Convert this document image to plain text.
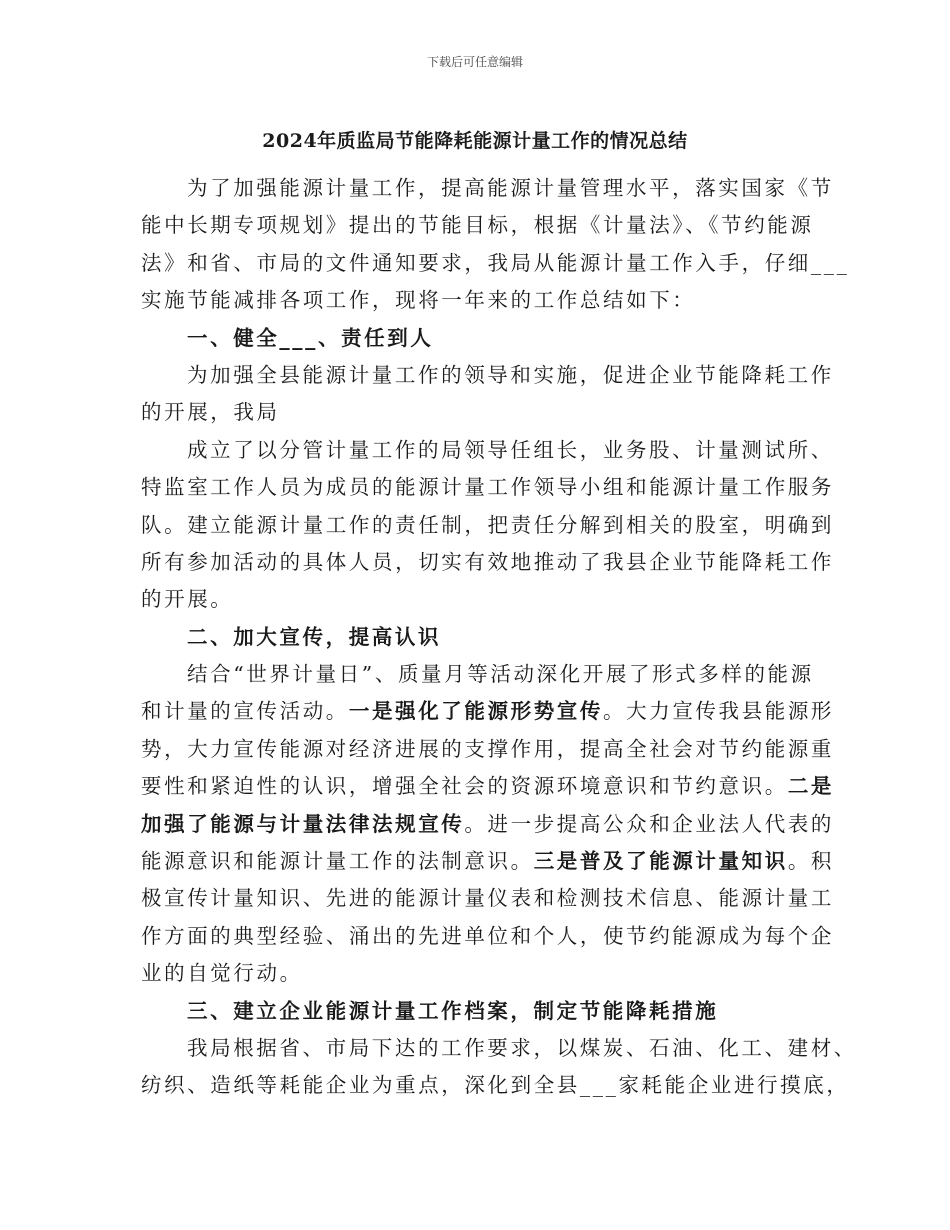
下载后可任意编辑
2024年质监局节能降耗能源计量工作的情况总结
为了加强能源计量工作，提高能源计量管理水平，落实国家《节
能中长期专项规划》提出的节能目标，根据《计量法》、《节约能源
法》和省、市局的文件通知要求，我局从能源计量工作入手，仔细___
实施节能减排各项工作，现将一年来的工作总结如下：
一、健全___、责任到人
为加强全县能源计量工作的领导和实施，促进企业节能降耗工作
的开展，我局
成立了以分管计量工作的局领导任组长，业务股、计量测试所、
特监室工作人员为成员的能源计量工作领导小组和能源计量工作服务
队。建立能源计量工作的责任制，把责任分解到相关的股室，明确到
所有参加活动的具体人员，切实有效地推动了我县企业节能降耗工作
的开展。
二、加大宣传，提高认识
结合“世界计量日”、质量月等活动深化开展了形式多样的能源
和计量的宣传活动。一是强化了能源形势宣传。大力宣传我县能源形
势，大力宣传能源对经济进展的支撑作用，提高全社会对节约能源重
要性和紧迫性的认识，增强全社会的资源环境意识和节约意识。二是
加强了能源与计量法律法规宣传。进一步提高公众和企业法人代表的
能源意识和能源计量工作的法制意识。三是普及了能源计量知识。积
极宣传计量知识、先进的能源计量仪表和检测技术信息、能源计量工
作方面的典型经验、涌出的先进单位和个人，使节约能源成为每个企
业的自觉行动。
三、建立企业能源计量工作档案，制定节能降耗措施
我局根据省、市局下达的工作要求，以煤炭、石油、化工、建材、
纺织、造纸等耗能企业为重点，深化到全县___家耗能企业进行摸底，
